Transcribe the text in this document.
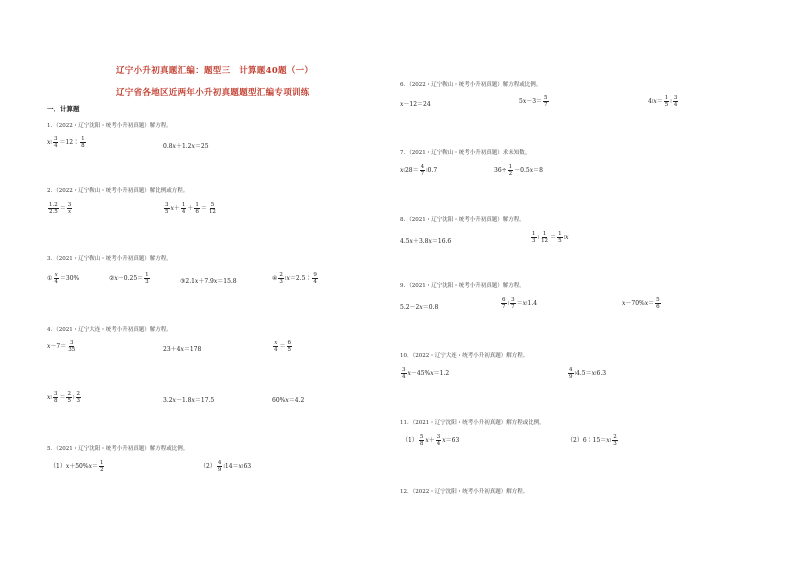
辽宁小升初真题汇编：题型三　计算题40题（一）
辽宁省各地区近两年小升初真题题型汇编专项训练
一．计算题
1．（2022・辽宁沈阳・统考小升初真题）解方程。
x∶ $\frac{3}{4}$ ＝12∶ $\frac{1}{8}$	0.8x＋1.2x＝25
2．（2022・辽宁鞍山・统考小升初真题）解比例或方程。
$\frac{1.2}{2.5} = \frac{3}{x}$	$\frac{3}{5} x+ \frac{1}{4} + \frac{1}{6} = \frac{5}{12}$
3．（2021・辽宁鞍山・统考小升初真题）解方程。
① $\frac{x}{4} =30\%$	②x－0.25＝ $\frac{1}{3}$	③2.1x＋7.9x＝15.8	④ $\frac{2}{3}$ ∶x＝2.5∶ $\frac{9}{4}$
4．（2021・辽宁大连・统考小升初真题）解方程。
$x-7= \frac{3}{35}$	23＋4x＝178	$\frac{x}{4} = \frac{6}{5}$
x∶ $\frac{3}{8} = \frac{2}{5}$ ∶ $\frac{2}{3}$	3.2x－1.8x＝17.5	60%x＝4.2
5．（2021・辽宁沈阳・统考小升初真题）解方程或比例。
$(1)x+50\%x= \frac{1}{2}$	$(2) \frac{4}{9}$ ∶14＝x∶63
6．（2022・辽宁鞍山・统考小升初真题）解方程或比例。
x－12＝24	$5x-3= \frac{5}{7}$	4∶x＝ $\frac{1}{5}$ ∶ $\frac{3}{4}$
7．（2021・辽宁鞍山・统考小升初真题）求未知数。
x∶28＝ $\frac{4}{7}$ ∶0.7	$36\div \frac{1}{2} -0.5x=8$
8．（2021・辽宁沈阳・统考小升初真题）解方程。
4.5x＋3.8x＝16.6	$\frac{1}{3}$ ∶ $\frac{1}{12} = \frac{1}{5}$ ∶x
9．（2021・辽宁沈阳・统考小升初真题）解方程。
5.2－2x＝0.8	$\frac{6}{7}$ ∶ $\frac{3}{7}$ ＝x∶1.4	$x-70\%x= \frac{5}{6}$
10．（2022・辽宁大连・统考小升初真题）解方程。
$\frac{3}{4} x-45\%x=1.2$	$\frac{4}{9}$ ∶4.5＝x∶6.3
11．（2021・辽宁沈阳・统考小升初真题）解方程或比例。
$(1) \frac{5}{8} x+ \frac{3}{4} x=63$	（2）6∶15＝x∶ $\frac{2}{3}$
12．（2022・辽宁沈阳・统考小升初真题）解方程。
